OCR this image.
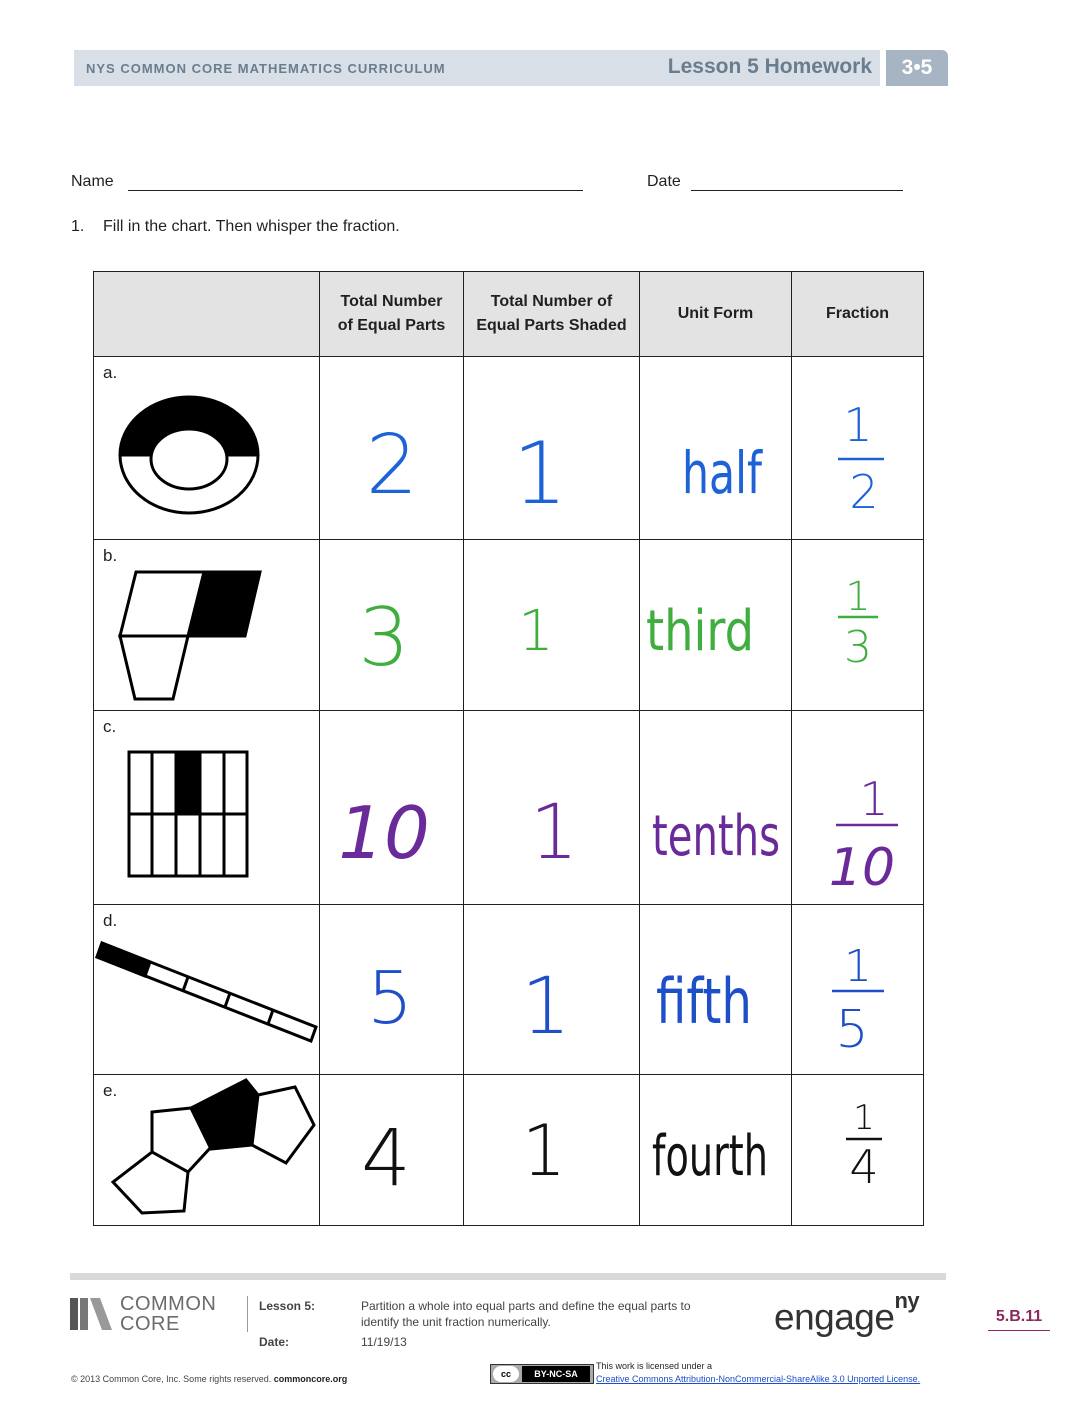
NYS COMMON CORE MATHEMATICS CURRICULUM	Lesson 5 Homework	3•5
Name	Date
1. Fill in the chart. Then whisper the fraction.
	Total Number
of Equal Parts	Total Number of
Equal Parts Shaded	Unit Form	Fraction

a.	2	1	half	1
2

b.	3	1	third	1
3

c.	10	1	tenths	1
10

d.	5	1	fifth	1
5

e.	4	1	fourth	1
4
COMMON
CORE
Lesson 5:	Partition a whole into equal parts and define the equal parts to
identify the unit fraction numerically.
Date:	11/19/13
engage$^{ny}$
5.B.11
© 2013 Common Core, Inc. Some rights reserved. commoncore.org	cc	BY-NC-SA
This work is licensed under a
Creative Commons Attribution-NonCommercial-ShareAlike 3.0 Unported License.
